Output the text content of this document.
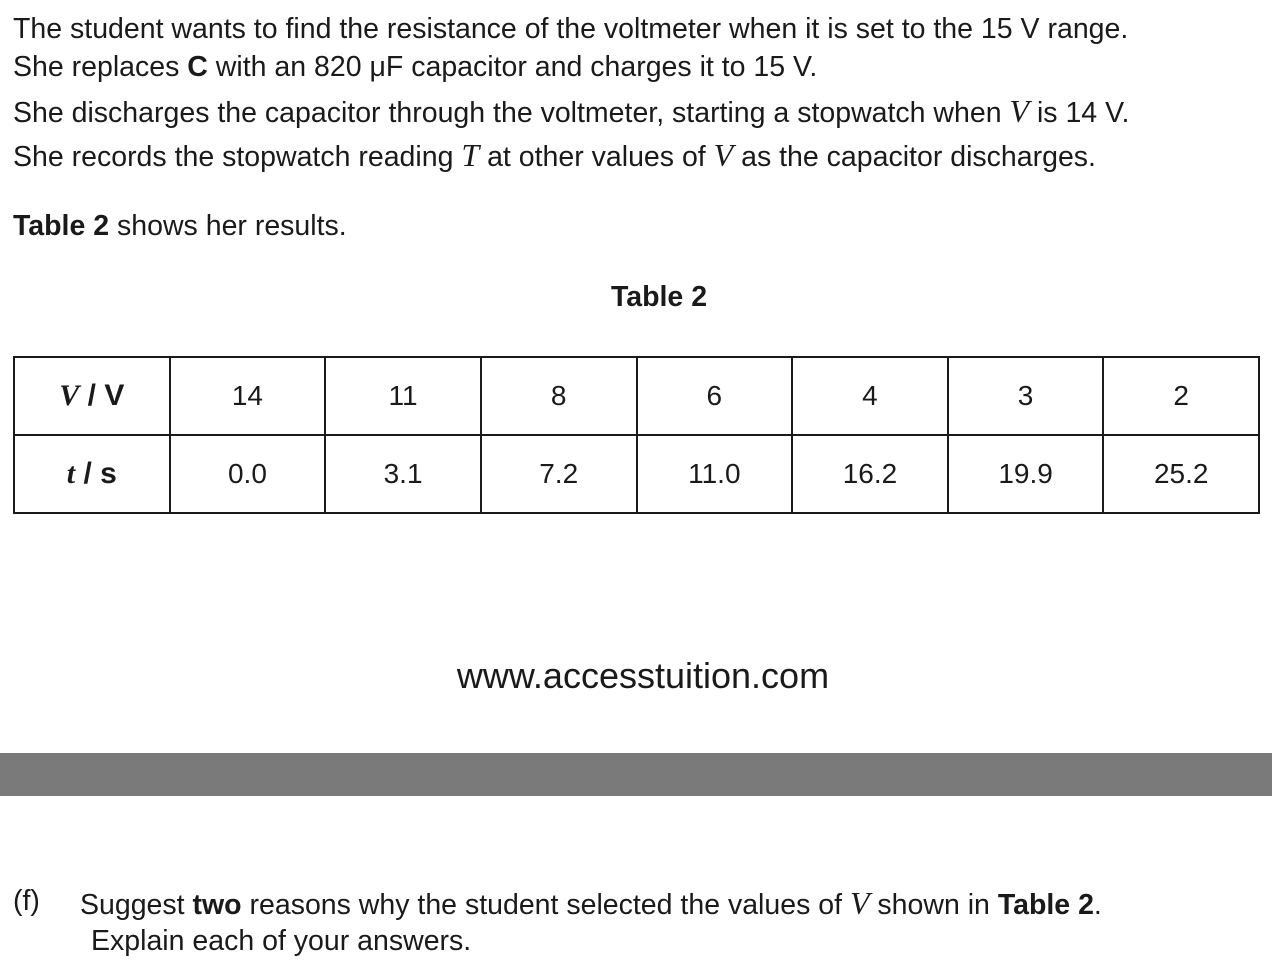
The student wants to find the resistance of the voltmeter when it is set to the 15 V range.
She replaces C with an 820 μF capacitor and charges it to 15 V.
She discharges the capacitor through the voltmeter, starting a stopwatch when V is 14 V.
She records the stopwatch reading T at other values of V as the capacitor discharges.
Table 2 shows her results.
Table 2
V / V	14	11	8	6	4	3	2
t / s	0.0	3.1	7.2	11.0	16.2	19.9	25.2
www.accesstuition.com
(f) Suggest two reasons why the student selected the values of V shown in Table 2.
Explain each of your answers.
